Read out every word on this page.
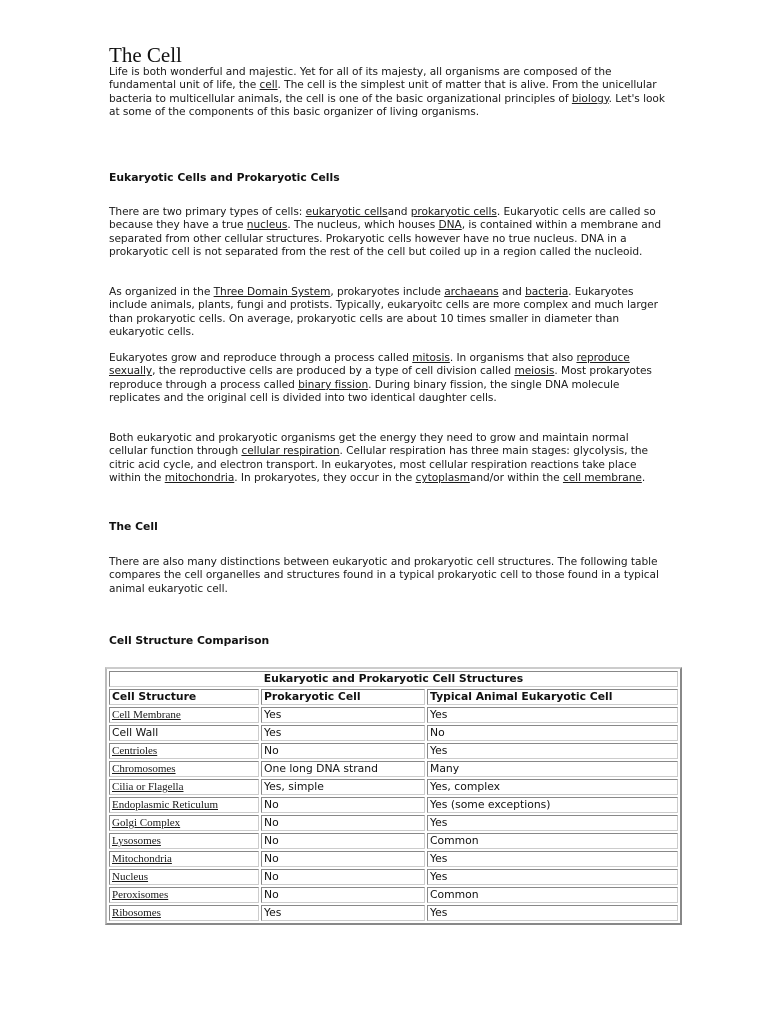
The Cell

Life is both wonderful and majestic. Yet for all of its majesty, all organisms are composed of the fundamental unit of life, the cell. The cell is the simplest unit of matter that is alive. From the unicellular bacteria to multicellular animals, the cell is one of the basic organizational principles of biology. Let's look at some of the components of this basic organizer of living organisms.

Eukaryotic Cells and Prokaryotic Cells

There are two primary types of cells: eukaryotic cellsand prokaryotic cells. Eukaryotic cells are called so because they have a true nucleus. The nucleus, which houses DNA, is contained within a membrane and separated from other cellular structures. Prokaryotic cells however have no true nucleus. DNA in a prokaryotic cell is not separated from the rest of the cell but coiled up in a region called the nucleoid.

As organized in the Three Domain System, prokaryotes include archaeans and bacteria. Eukaryotes include animals, plants, fungi and protists. Typically, eukaryoitc cells are more complex and much larger than prokaryotic cells. On average, prokaryotic cells are about 10 times smaller in diameter than eukaryotic cells.

Eukaryotes grow and reproduce through a process called mitosis. In organisms that also reproduce sexually, the reproductive cells are produced by a type of cell division called meiosis. Most prokaryotes reproduce through a process called binary fission. During binary fission, the single DNA molecule replicates and the original cell is divided into two identical daughter cells.

Both eukaryotic and prokaryotic organisms get the energy they need to grow and maintain normal cellular function through cellular respiration. Cellular respiration has three main stages: glycolysis, the citric acid cycle, and electron transport. In eukaryotes, most cellular respiration reactions take place within the mitochondria. In prokaryotes, they occur in the cytoplasmand/or within the cell membrane.

The Cell

There are also many distinctions between eukaryotic and prokaryotic cell structures. The following table compares the cell organelles and structures found in a typical prokaryotic cell to those found in a typical animal eukaryotic cell.

Cell Structure Comparison
Eukaryotic and Prokaryotic Cell Structures		
Cell Structure	Prokaryotic Cell	Typical Animal Eukaryotic Cell
Cell Membrane	Yes	Yes
Cell Wall	Yes	No
Centrioles	No	Yes
Chromosomes	One long DNA strand	Many
Cilia or Flagella	Yes, simple	Yes, complex
Endoplasmic Reticulum	No	Yes (some exceptions)
Golgi Complex	No	Yes
Lysosomes	No	Common
Mitochondria	No	Yes
Nucleus	No	Yes
Peroxisomes	No	Common
Ribosomes	Yes	Yes
